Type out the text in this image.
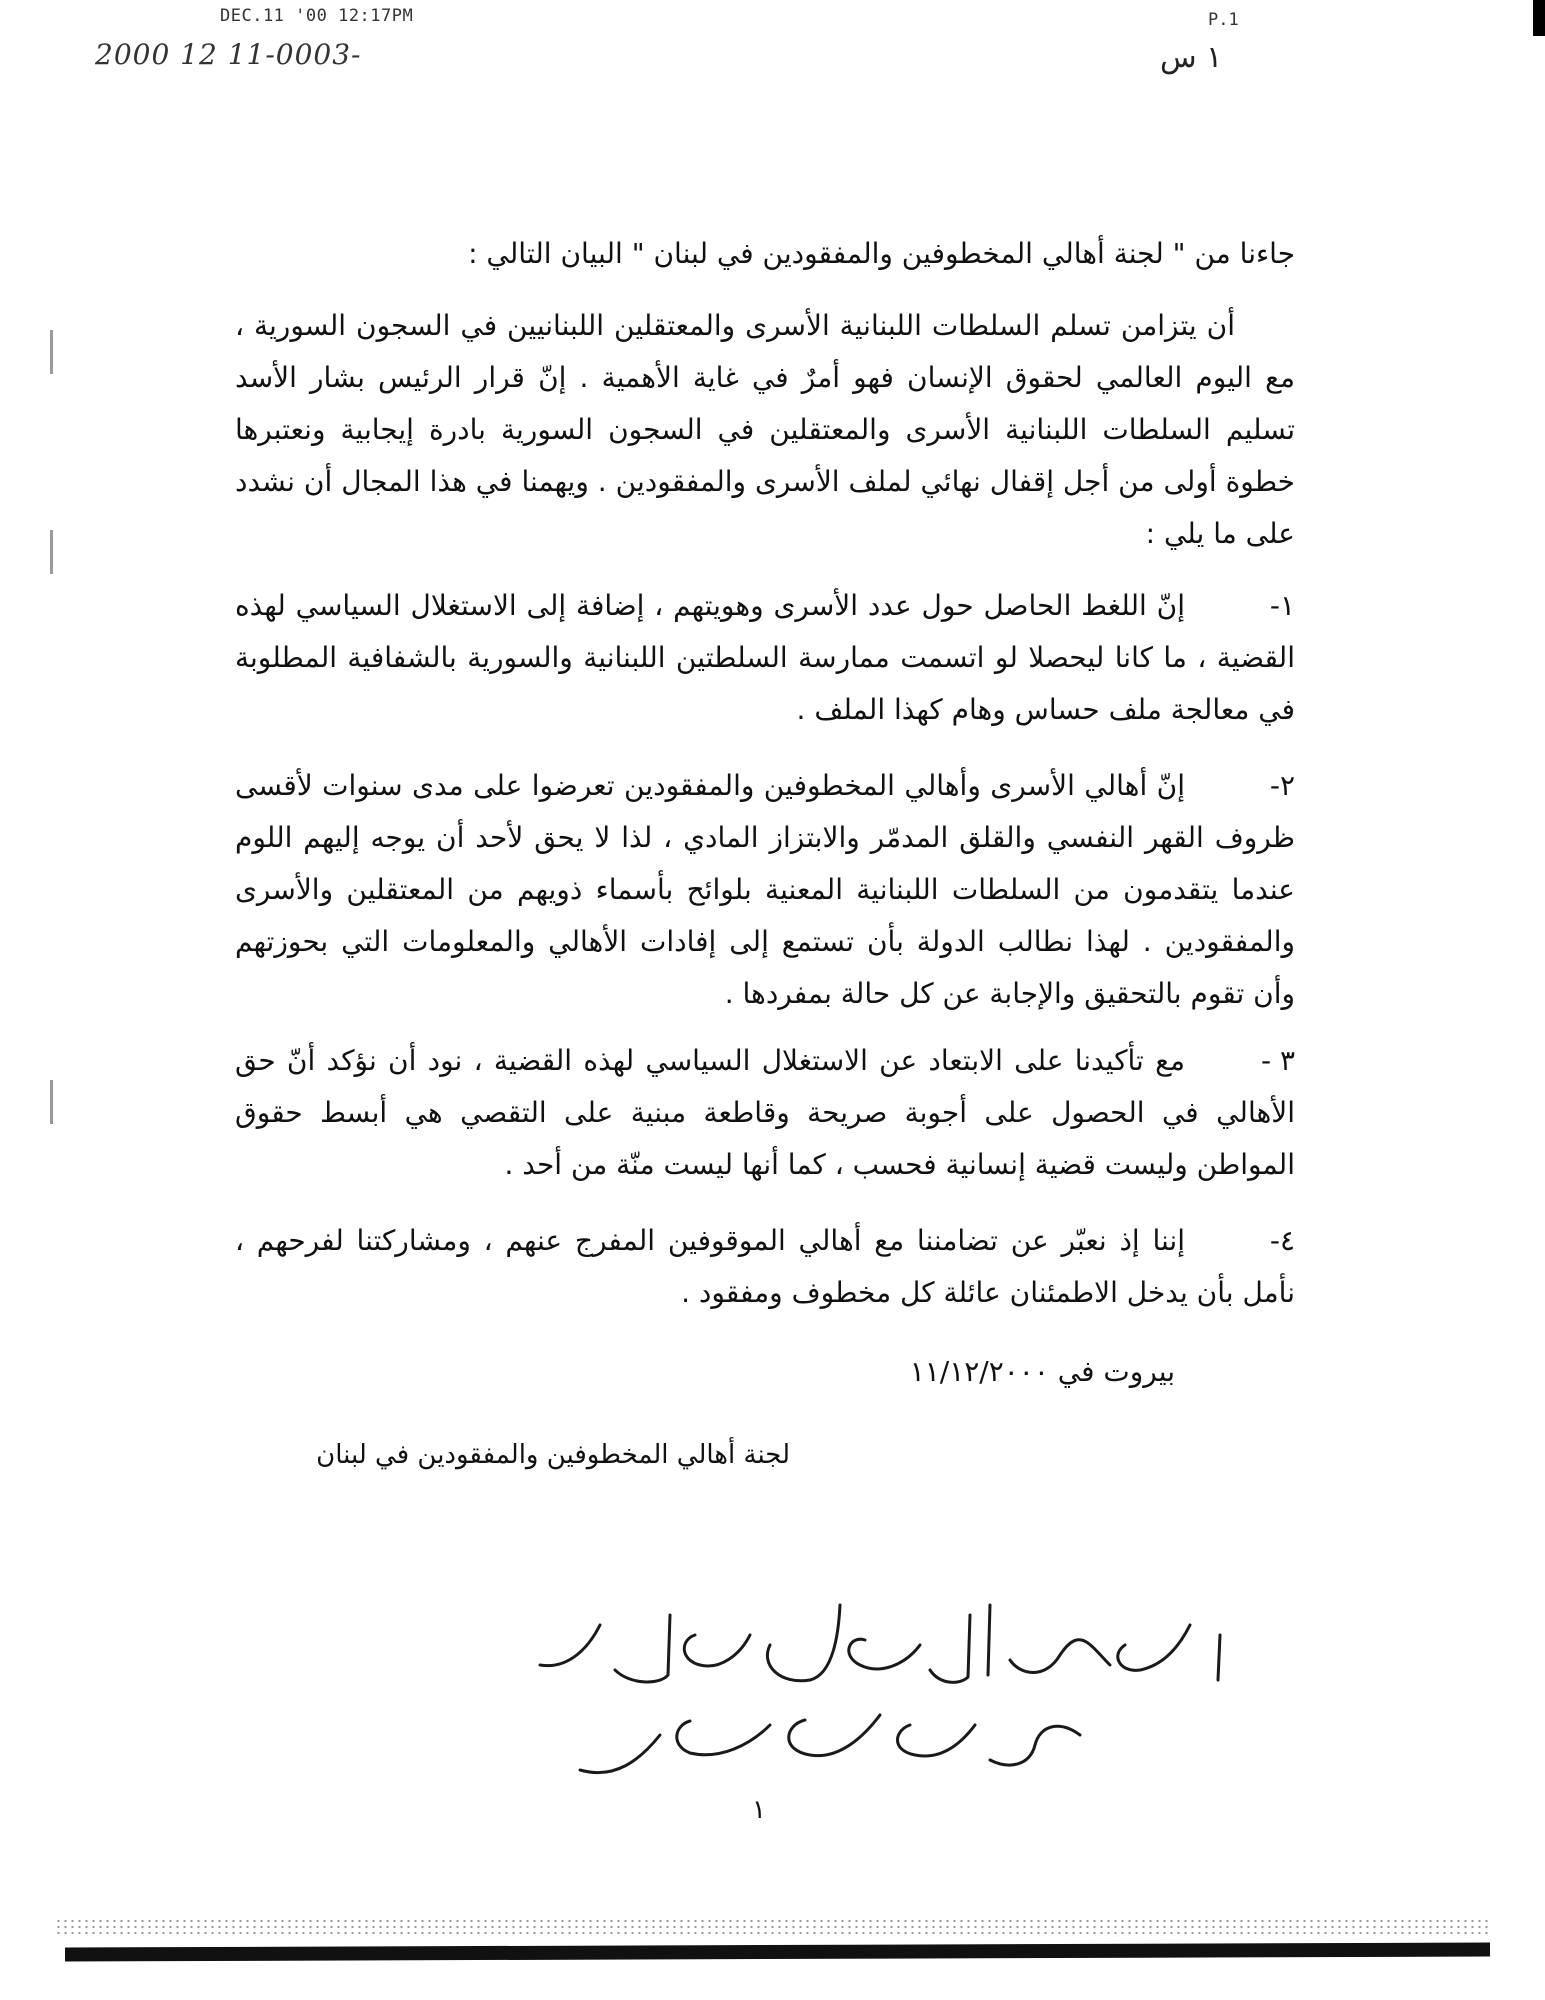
DEC.11 '00 12:17PM	P.1
2000 12 11-0003-	١ س
جاءنا من " لجنة أهالي المخطوفين والمفقودين في لبنان " البيان التالي :
أن يتزامن تسلم السلطات اللبنانية الأسرى والمعتقلين اللبنانيين في السجون السورية ، مع اليوم العالمي لحقوق الإنسان فهو أمرٌ في غاية الأهمية . إنّ قرار الرئيس بشار الأسد تسليم السلطات اللبنانية الأسرى والمعتقلين في السجون السورية بادرة إيجابية ونعتبرها خطوة أولى من أجل إقفال نهائي لملف الأسرى والمفقودين . ويهمنا في هذا المجال أن نشدد على ما يلي :
١-إنّ اللغط الحاصل حول عدد الأسرى وهويتهم ، إضافة إلى الاستغلال السياسي لهذه القضية ، ما كانا ليحصلا لو اتسمت ممارسة السلطتين اللبنانية والسورية بالشفافية المطلوبة في معالجة ملف حساس وهام كهذا الملف .
٢-إنّ أهالي الأسرى وأهالي المخطوفين والمفقودين تعرضوا على مدى سنوات لأقسى ظروف القهر النفسي والقلق المدمّر والابتزاز المادي ، لذا لا يحق لأحد أن يوجه إليهم اللوم عندما يتقدمون من السلطات اللبنانية المعنية بلوائح بأسماء ذويهم من المعتقلين والأسرى والمفقودين . لهذا نطالب الدولة بأن تستمع إلى إفادات الأهالي والمعلومات التي بحوزتهم وأن تقوم بالتحقيق والإجابة عن كل حالة بمفردها .
٣ -مع تأكيدنا على الابتعاد عن الاستغلال السياسي لهذه القضية ، نود أن نؤكد أنّ حق الأهالي في الحصول على أجوبة صريحة وقاطعة مبنية على التقصي هي أبسط حقوق المواطن وليست قضية إنسانية فحسب ، كما أنها ليست منّة من أحد .
٤-إننا إذ نعبّر عن تضامننا مع أهالي الموقوفين المفرج عنهم ، ومشاركتنا لفرحهم ، نأمل بأن يدخل الاطمئنان عائلة كل مخطوف ومفقود .
بيروت في ١١/١٢/٢٠٠٠
لجنة أهالي المخطوفين والمفقودين في لبنان
١
